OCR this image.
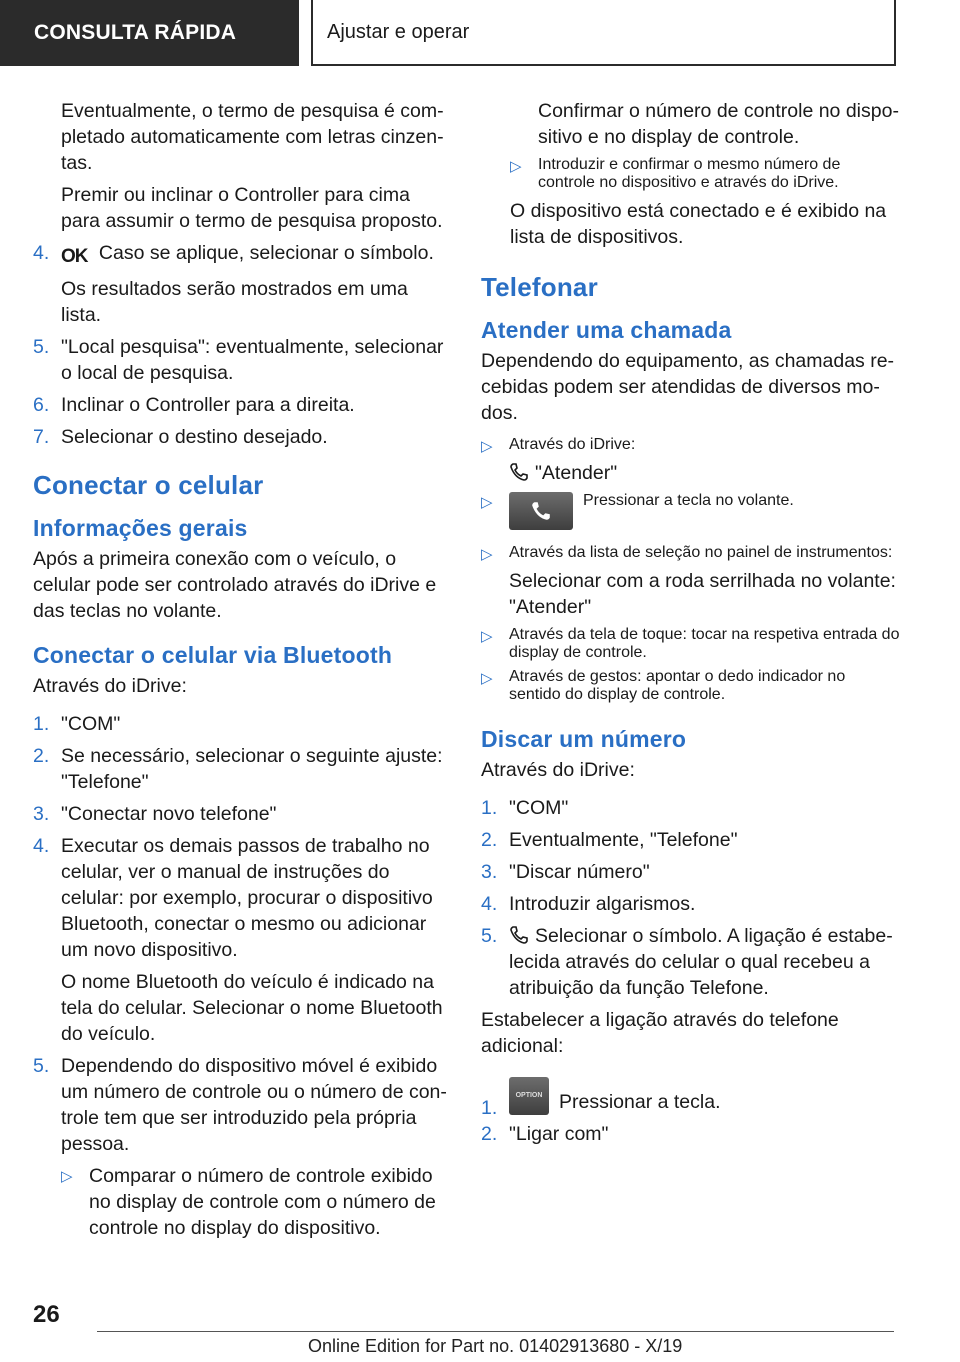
CONSULTA RÁPIDA	Ajustar e operar

Eventualmente, o termo de pesquisa é completado automaticamente com letras cinzentas.

Premir ou inclinar o Controller para cima para assumir o termo de pesquisa proposto.

4. OK Caso se aplique, selecionar o símbolo.

Os resultados serão mostrados em uma lista.

5. "Local pesquisa": eventualmente, selecionar o local de pesquisa.
6. Inclinar o Controller para a direita.
7. Selecionar o destino desejado.
Conectar o celular
Informações gerais

Após a primeira conexão com o veículo, o celular pode ser controlado através do iDrive e das teclas no volante.

Conectar o celular via Bluetooth

Através do iDrive:

1. "COM"
2. Se necessário, selecionar o seguinte ajuste: "Telefone"
3. "Conectar novo telefone"
4. Executar os demais passos de trabalho no celular, ver o manual de instruções do celular: por exemplo, procurar o dispositivo Bluetooth, conectar o mesmo ou adicionar um novo dispositivo.

O nome Bluetooth do veículo é indicado na tela do celular. Selecionar o nome Bluetooth do veículo.

5. Dependendo do dispositivo móvel é exibido um número de controle ou o número de controle tem que ser introduzido pela própria pessoa.
▷ Comparar o número de controle exibido no display de controle com o número de controle no display do dispositivo.

Confirmar o número de controle no dispositivo e no display de controle.

▷ Introduzir e confirmar o mesmo número de controle no dispositivo e através do iDrive.

O dispositivo está conectado e é exibido na lista de dispositivos.

Telefonar
Atender uma chamada

Dependendo do equipamento, as chamadas recebidas podem ser atendidas de diversos modos.

▷ Através do iDrive:

"Atender"

▷	Pressionar a tecla no volante.
▷ Através da lista de seleção no painel de instrumentos:

Selecionar com a roda serrilhada no volante: "Atender"

▷ Através da tela de toque: tocar na respetiva entrada do display de controle.
▷ Através de gestos: apontar o dedo indicador no sentido do display de controle.
Discar um número

Através do iDrive:

1. "COM"
2. Eventualmente, "Telefone"
3. "Discar número"
4. Introduzir algarismos.
5.	Selecionar o símbolo. A ligação é estabelecida através do celular o qual recebeu a atribuição da função Telefone.

Estabelecer a ligação através do telefone adicional:

1.
OPTION Pressionar a tecla.
2. "Ligar com"
26
Online Edition for Part no. 01402913680 - X/19
